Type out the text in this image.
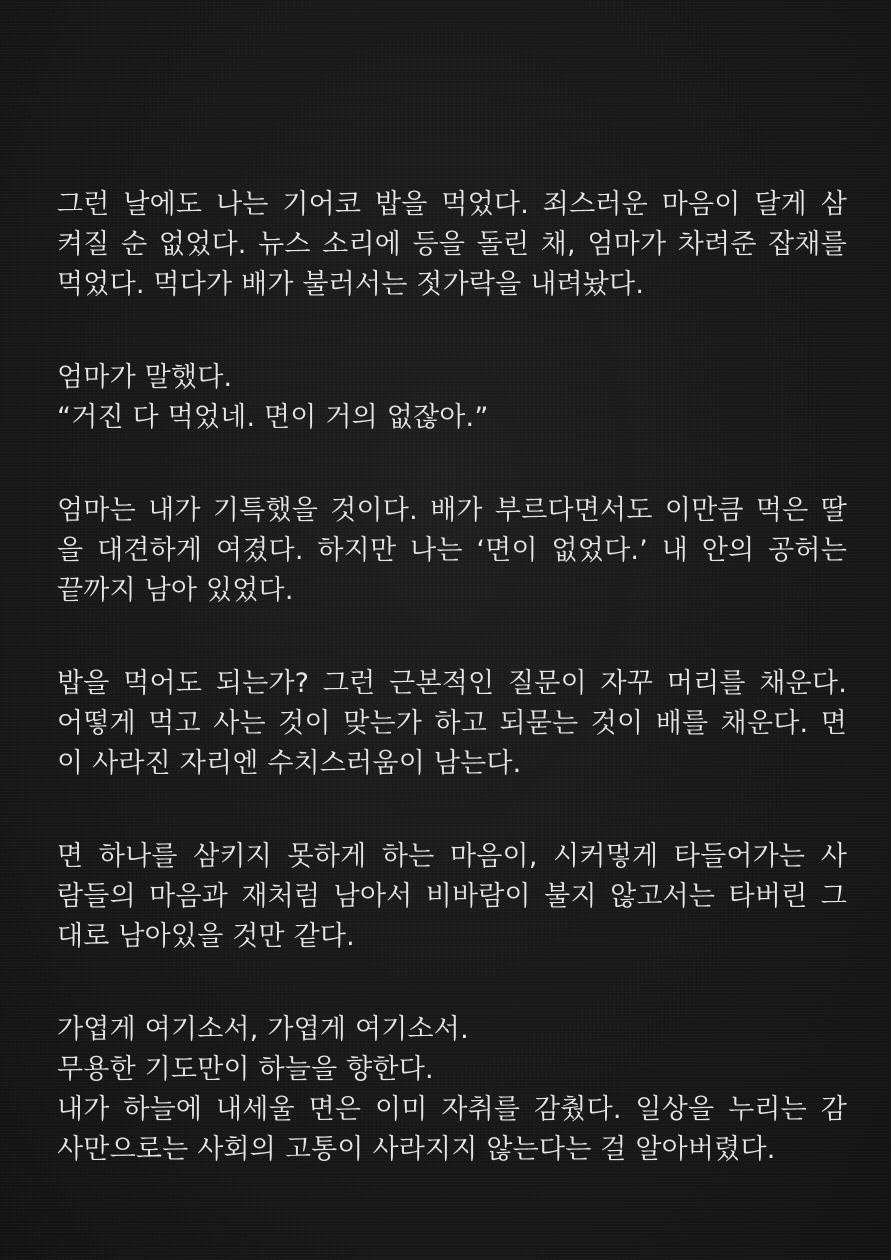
그런 날에도 나는 기어코 밥을 먹었다. 죄스러운 마음이 달게 삼
켜질 순 없었다. 뉴스 소리에 등을 돌린 채, 엄마가 차려준 잡채를
먹었다. 먹다가 배가 불러서는 젓가락을 내려놨다.
엄마가 말했다.
“거진 다 먹었네. 면이 거의 없잖아.”
엄마는 내가 기특했을 것이다. 배가 부르다면서도 이만큼 먹은 딸
을 대견하게 여겼다. 하지만 나는 ‘면이 없었다.’ 내 안의 공허는
끝까지 남아 있었다.
밥을 먹어도 되는가? 그런 근본적인 질문이 자꾸 머리를 채운다.
어떻게 먹고 사는 것이 맞는가 하고 되묻는 것이 배를 채운다. 면
이 사라진 자리엔 수치스러움이 남는다.
면 하나를 삼키지 못하게 하는 마음이, 시커멓게 타들어가는 사
람들의 마음과 재처럼 남아서 비바람이 불지 않고서는 타버린 그
대로 남아있을 것만 같다.
가엽게 여기소서, 가엽게 여기소서.
무용한 기도만이 하늘을 향한다.
내가 하늘에 내세울 면은 이미 자취를 감췄다. 일상을 누리는 감
사만으로는 사회의 고통이 사라지지 않는다는 걸 알아버렸다.
